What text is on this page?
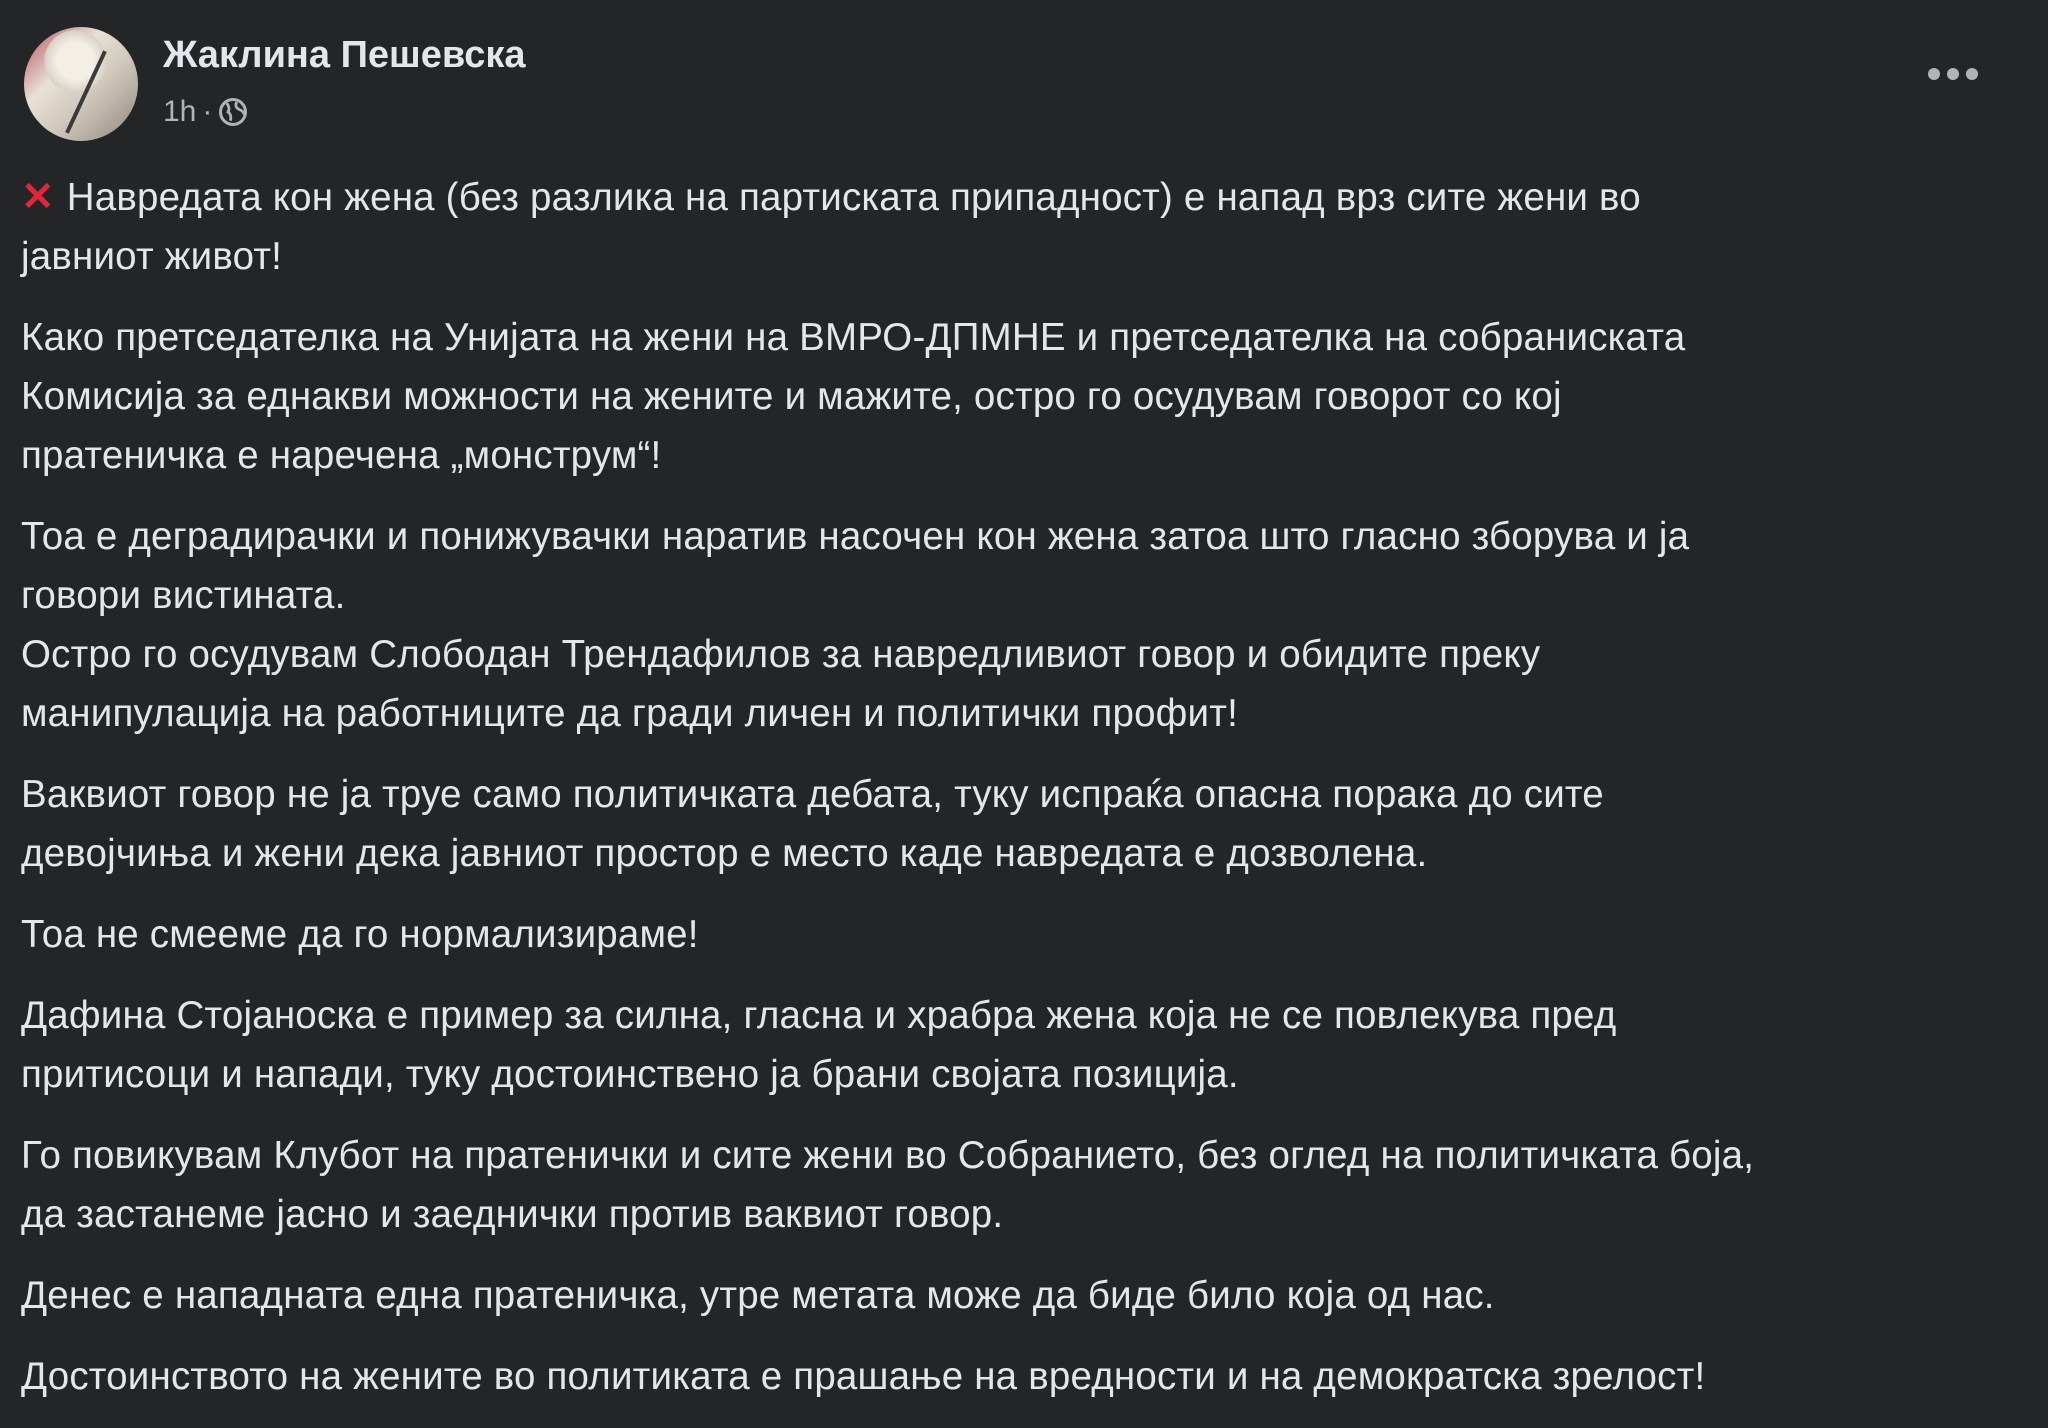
Жаклина Пешевска
1h ·
✕ Навредата кон жена (без разлика на партиската припадност) е напад врз сите жени во
јавниот живот!
Како претседателка на Унијата на жени на ВМРО-ДПМНЕ и претседателка на собраниската
Комисија за еднакви можности на жените и мажите, остро го осудувам говорот со кој
пратеничка е наречена „монструм“!
Тоа е деградирачки и понижувачки наратив насочен кон жена затоа што гласно зборува и ја
говори вистината.
Остро го осудувам Слободан Трендафилов за навредливиот говор и обидите преку
манипулација на работниците да гради личен и политички профит!
Ваквиот говор не ја труе само политичката дебата, туку испраќа опасна порака до сите
девојчиња и жени дека јавниот простор е место каде навредата е дозволена.
Тоа не смееме да го нормализираме!
Дафина Стојаноска е пример за силна, гласна и храбра жена која не се повлекува пред
притисоци и напади, туку достоинствено ја брани својата позиција.
Го повикувам Клубот на пратенички и сите жени во Собранието, без оглед на политичката боја,
да застанеме јасно и заеднички против ваквиот говор.
Денес е нападната една пратеничка, утре метата може да биде било која од нас.
Достоинството на жените во политиката е прашање на вредности и на демократска зрелост!
